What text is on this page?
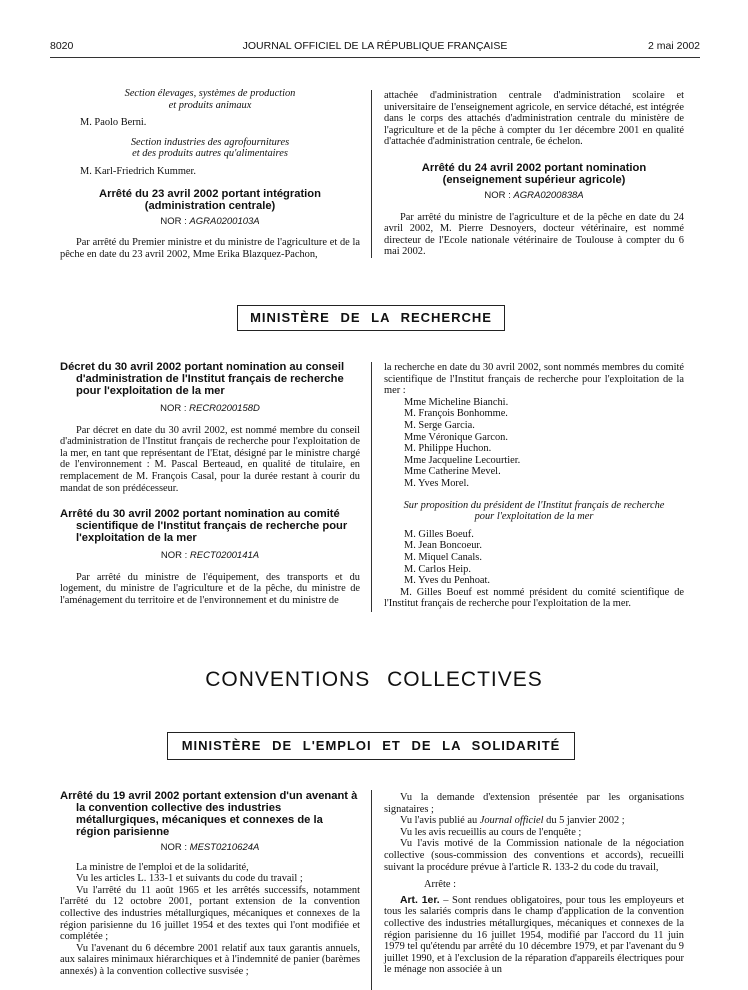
8020	JOURNAL OFFICIEL DE LA RÉPUBLIQUE FRANÇAISE	2 mai 2002
Section élevages, systèmes de production
et produits animaux
M. Paolo Berni.
Section industries des agrofournitures
et des produits autres qu'alimentaires
M. Karl-Friedrich Kummer.
Arrêté du 23 avril 2002 portant intégration
(administration centrale)
NOR : AGRA0200103A

Par arrêté du Premier ministre et du ministre de l'agriculture et de la pêche en date du 23 avril 2002, Mme Erika Blazquez-Pachon,

attachée d'administration centrale d'administration scolaire et universitaire de l'enseignement agricole, en service détaché, est intégrée dans le corps des attachés d'administration centrale du ministère de l'agriculture et de la pêche à compter du 1er décembre 2001 en qualité d'attachée d'administration centrale, 6e échelon.

Arrêté du 24 avril 2002 portant nomination
(enseignement supérieur agricole)
NOR : AGRA0200838A

Par arrêté du ministre de l'agriculture et de la pêche en date du 24 avril 2002, M. Pierre Desnoyers, docteur vétérinaire, est nommé directeur de l'Ecole nationale vétérinaire de Toulouse à compter du 6 mai 2002.

MINISTÈRE DE LA RECHERCHE
Décret du 30 avril 2002 portant nomination au conseil d'administration de l'Institut français de recherche pour l'exploitation de la mer
NOR : RECR0200158D

Par décret en date du 30 avril 2002, est nommé membre du conseil d'administration de l'Institut français de recherche pour l'exploitation de la mer, en tant que représentant de l'Etat, désigné par le ministre chargé de l'environnement : M. Pascal Berteaud, en qualité de titulaire, en remplacement de M. François Casal, pour la durée restant à courir du mandat de son prédécesseur.

Arrêté du 30 avril 2002 portant nomination au comité scientifique de l'Institut français de recherche pour l'exploitation de la mer
NOR : RECT0200141A

Par arrêté du ministre de l'équipement, des transports et du logement, du ministre de l'agriculture et de la pêche, du ministre de l'aménagement du territoire et de l'environnement et du ministre de

la recherche en date du 30 avril 2002, sont nommés membres du comité scientifique de l'Institut français de recherche pour l'exploitation de la mer :

Mme Micheline Bianchi.
M. François Bonhomme.
M. Serge Garcia.
Mme Véronique Garcon.
M. Philippe Huchon.
Mme Jacqueline Lecourtier.
Mme Catherine Mevel.
M. Yves Morel.
Sur proposition du président de l'Institut français de recherche
pour l'exploitation de la mer
M. Gilles Boeuf.
M. Jean Boncoeur.
M. Miquel Canals.
M. Carlos Heip.
M. Yves du Penhoat.

M. Gilles Boeuf est nommé président du comité scientifique de l'Institut français de recherche pour l'exploitation de la mer.

CONVENTIONS COLLECTIVES
MINISTÈRE DE L'EMPLOI ET DE LA SOLIDARITÉ
Arrêté du 19 avril 2002 portant extension d'un avenant à la convention collective des industries métallurgiques, mécaniques et connexes de la région parisienne
NOR : MEST0210624A

La ministre de l'emploi et de la solidarité,

Vu les articles L. 133-1 et suivants du code du travail ;

Vu l'arrêté du 11 août 1965 et les arrêtés successifs, notamment l'arrêté du 12 octobre 2001, portant extension de la convention collective des industries métallurgiques, mécaniques et connexes de la région parisienne du 16 juillet 1954 et des textes qui l'ont modifiée et complétée ;

Vu l'avenant du 6 décembre 2001 relatif aux taux garantis annuels, aux salaires minimaux hiérarchiques et à l'indemnité de panier (barèmes annexés) à la convention collective susvisée ;

Vu la demande d'extension présentée par les organisations signataires ;

Vu l'avis publié au Journal officiel du 5 janvier 2002 ;

Vu les avis recueillis au cours de l'enquête ;

Vu l'avis motivé de la Commission nationale de la négociation collective (sous-commission des conventions et accords), recueilli suivant la procédure prévue à l'article R. 133-2 du code du travail,

Arrête :

Art. 1er. – Sont rendues obligatoires, pour tous les employeurs et tous les salariés compris dans le champ d'application de la convention collective des industries métallurgiques, mécaniques et connexes de la région parisienne du 16 juillet 1954, modifié par l'accord du 11 juin 1979 tel qu'étendu par arrêté du 10 décembre 1979, et par l'avenant du 9 juillet 1990, et à l'exclusion de la réparation d'appareils électriques pour le ménage non associée à un
